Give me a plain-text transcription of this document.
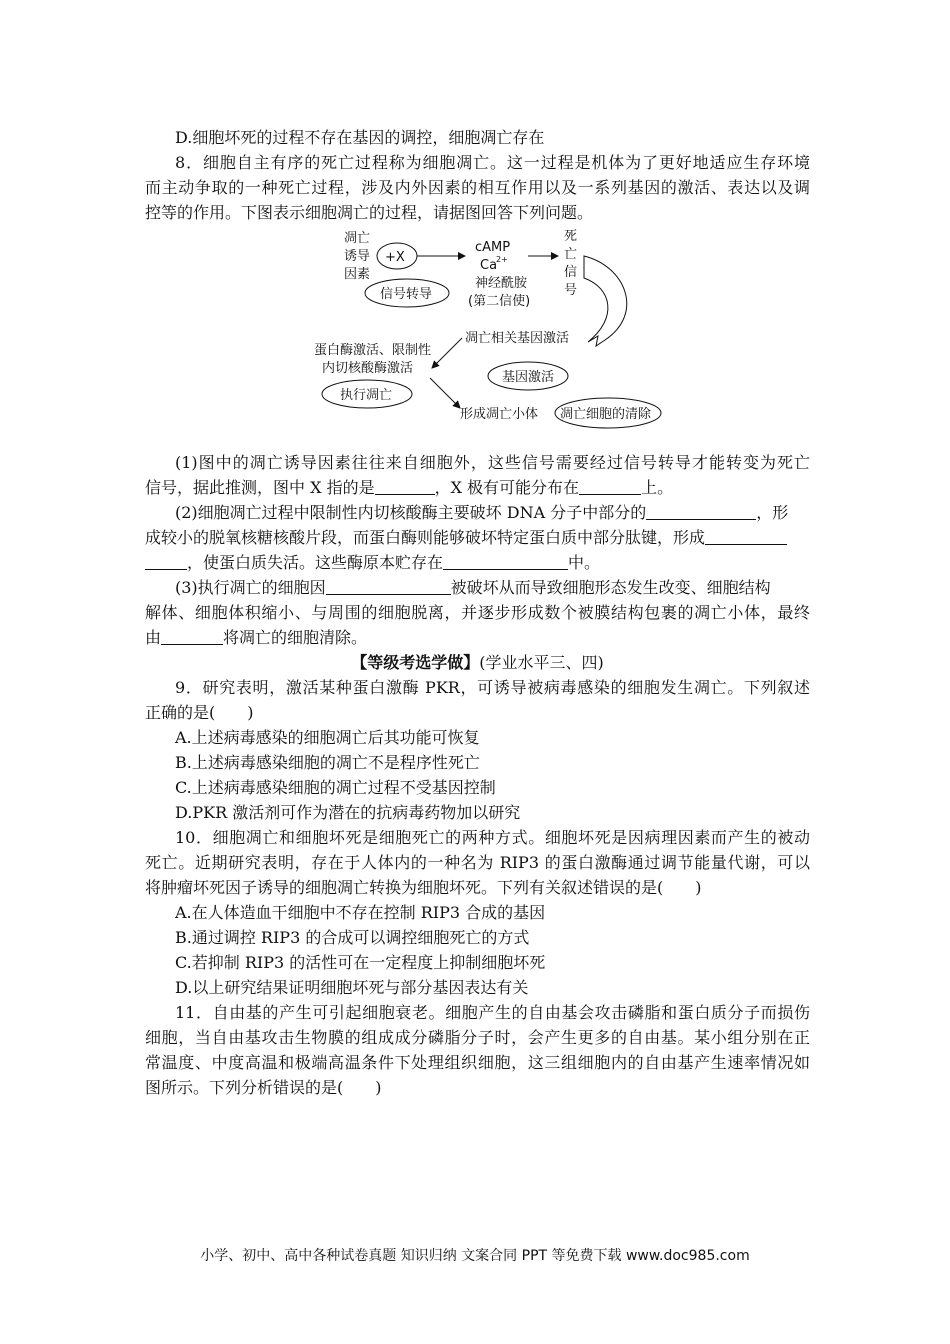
D.细胞坏死的过程不存在基因的调控，细胞凋亡存在
8．细胞自主有序的死亡过程称为细胞凋亡。这一过程是机体为了更好地适应生存环境
而主动争取的一种死亡过程，涉及内外因素的相互作用以及一系列基因的激活、表达以及调
控等的作用。下图表示细胞凋亡的过程，请据图回答下列问题。
凋亡
诱导
因素
+X
cAMP
Ca
2+
神经酰胺
(第二信使)
死
亡
信
号
信号转导
凋亡相关基因激活
蛋白酶激活、限制性
内切核酸酶激活
基因激活
执行凋亡
形成凋亡小体 凋亡细胞的清除
(1)图中的凋亡诱导因素往往来自细胞外，这些信号需要经过信号转导才能转变为死亡
信号，据此推测，图中 X 指的是	，X 极有可能分布在	上。
(2)细胞凋亡过程中限制性内切核酸酶主要破坏 DNA 分子中部分的	，形
成较小的脱氧核糖核酸片段，而蛋白酶则能够破坏特定蛋白质中部分肽键，形成
，使蛋白质失活。这些酶原本贮存在	中。
(3)执行凋亡的细胞因	被破坏从而导致细胞形态发生改变、细胞结构
解体、细胞体积缩小、与周围的细胞脱离，并逐步形成数个被膜结构包裹的凋亡小体，最终
由	将凋亡的细胞清除。
【等级考选学做】(学业水平三、四)
9．研究表明，激活某种蛋白激酶 PKR，可诱导被病毒感染的细胞发生凋亡。下列叙述
正确的是(　　)
A.上述病毒感染的细胞凋亡后其功能可恢复
B.上述病毒感染细胞的凋亡不是程序性死亡
C.上述病毒感染细胞的凋亡过程不受基因控制
D.PKR 激活剂可作为潜在的抗病毒药物加以研究
10．细胞凋亡和细胞坏死是细胞死亡的两种方式。细胞坏死是因病理因素而产生的被动
死亡。近期研究表明，存在于人体内的一种名为 RIP3 的蛋白激酶通过调节能量代谢，可以
将肿瘤坏死因子诱导的细胞凋亡转换为细胞坏死。下列有关叙述错误的是(　　)
A.在人体造血干细胞中不存在控制 RIP3 合成的基因
B.通过调控 RIP3 的合成可以调控细胞死亡的方式
C.若抑制 RIP3 的活性可在一定程度上抑制细胞坏死
D.以上研究结果证明细胞坏死与部分基因表达有关
11．自由基的产生可引起细胞衰老。细胞产生的自由基会攻击磷脂和蛋白质分子而损伤
细胞，当自由基攻击生物膜的组成成分磷脂分子时，会产生更多的自由基。某小组分别在正
常温度、中度高温和极端高温条件下处理组织细胞，这三组细胞内的自由基产生速率情况如
图所示。下列分析错误的是(　　)
小学、初中、高中各种试卷真题 知识归纳 文案合同 PPT 等免费下载 www.doc985.com
